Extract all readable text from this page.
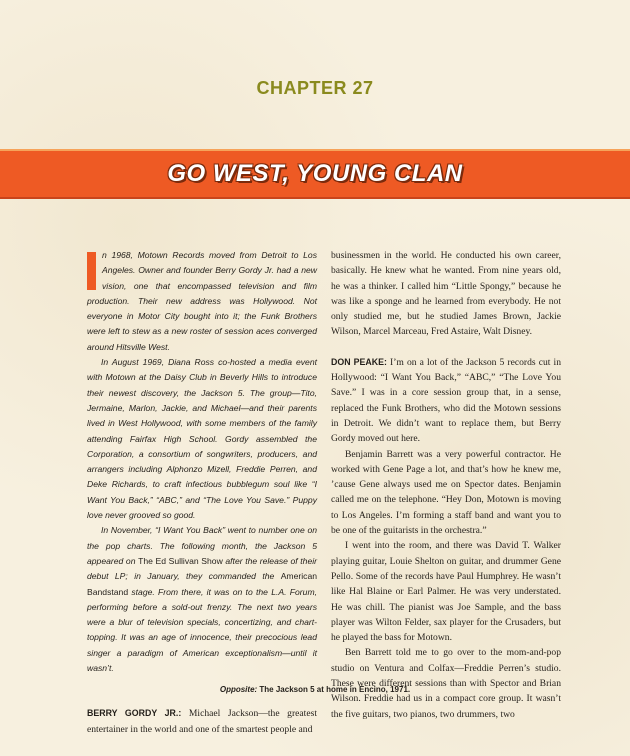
CHAPTER 27
GO WEST, YOUNG CLAN

n 1968, Motown Records moved from Detroit to Los Angeles. Owner and founder Berry Gordy Jr. had a new vision, one that encompassed television and film production. Their new address was Hollywood. Not everyone in Motor City bought into it; the Funk Brothers were left to stew as a new roster of session aces converged around Hitsville West.

In August 1969, Diana Ross co-hosted a media event with Motown at the Daisy Club in Beverly Hills to introduce their newest discovery, the Jackson 5. The group—Tito, Jermaine, Marlon, Jackie, and Michael—and their parents lived in West Hollywood, with some members of the family attending Fairfax High School. Gordy assembled the Corporation, a consortium of songwriters, producers, and arrangers including Alphonzo Mizell, Freddie Perren, and Deke Richards, to craft infectious bubblegum soul like “I Want You Back,” “ABC,” and “The Love You Save.” Puppy love never grooved so good.

In November, “I Want You Back” went to number one on the pop charts. The following month, the Jackson 5 appeared on The Ed Sullivan Show after the release of their debut LP; in January, they commanded the American Bandstand stage. From there, it was on to the L.A. Forum, performing before a sold-out frenzy. The next two years were a blur of television specials, concertizing, and chart-topping. It was an age of innocence, their precocious lead singer a paradigm of American exceptionalism—until it wasn’t.

BERRY GORDY JR.: Michael Jackson—the greatest entertainer in the world and one of the smartest people and

businessmen in the world. He conducted his own career, basically. He knew what he wanted. From nine years old, he was a thinker. I called him “Little Spongy,” because he was like a sponge and he learned from everybody. He not only studied me, but he studied James Brown, Jackie Wilson, Marcel Marceau, Fred Astaire, Walt Disney.

DON PEAKE: I’m on a lot of the Jackson 5 records cut in Hollywood: “I Want You Back,” “ABC,” “The Love You Save.” I was in a core session group that, in a sense, replaced the Funk Brothers, who did the Motown sessions in Detroit. We didn’t want to replace them, but Berry Gordy moved out here.

Benjamin Barrett was a very powerful contractor. He worked with Gene Page a lot, and that’s how he knew me, ’cause Gene always used me on Spector dates. Benjamin called me on the telephone. “Hey Don, Motown is moving to Los Angeles. I’m forming a staff band and want you to be one of the guitarists in the orchestra.”

I went into the room, and there was David T. Walker playing guitar, Louie Shelton on guitar, and drummer Gene Pello. Some of the records have Paul Humphrey. He wasn’t like Hal Blaine or Earl Palmer. He was very understated. He was chill. The pianist was Joe Sample, and the bass player was Wilton Felder, sax player for the Crusaders, but he played the bass for Motown.

Ben Barrett told me to go over to the mom-and-pop studio on Ventura and Colfax—Freddie Perren’s studio. These were different sessions than with Spector and Brian Wilson. Freddie had us in a compact core group. It wasn’t the five guitars, two pianos, two drummers, two

Opposite: The Jackson 5 at home in Encino, 1971.
